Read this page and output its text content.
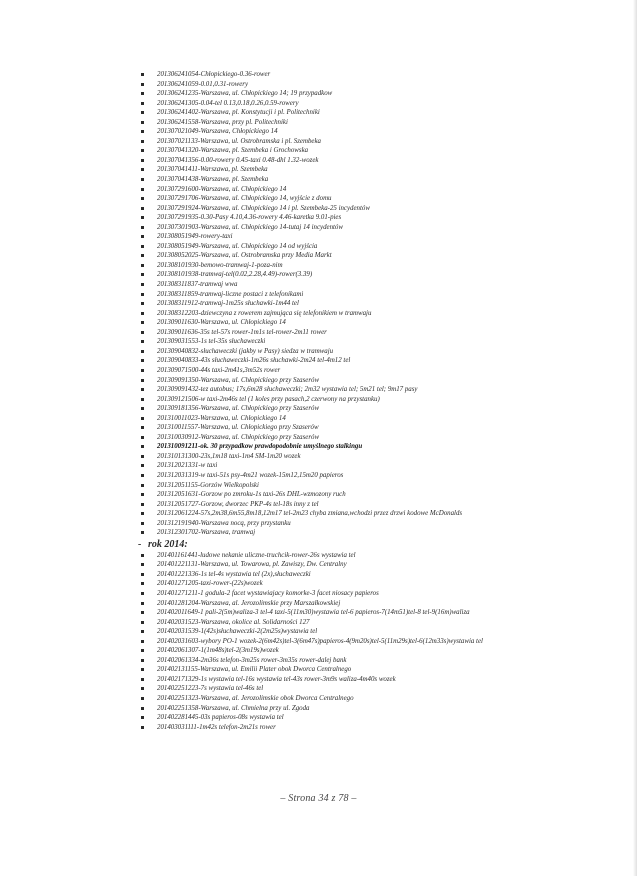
201306241054-Chłopickiego-0.36-rower
201306241059-0.01,0.31-rowery
201306241235-Warszawa, ul. Chłopickiego 14; 19 przypadkow
201306241305-0.04-tel 0.13,0.18,0.26,0.59-rowery
201306241402-Warszawa, pl. Konstytucji i pl. Politechniki
201306241558-Warszawa, przy pl. Politechniki
201307021049-Warszawa, Chłopickiego 14
201307021133-Warszawa, ul. Ostrobramska i pl. Szembeka
201307041320-Warszawa, pl. Szembeka i Grochowska
201307041356-0.00-rowery 0.45-taxi 0.48-dhl 1.32-wozek
201307041411-Warszawa, pl. Szembeka
201307041438-Warszawa, pl. Szembeka
201307291600-Warszawa, ul. Chłopickiego 14
201307291706-Warszawa, ul. Chłopickiego 14, wyjście z domu
201307291924-Warszawa, ul. Chłopickiego 14 i pl. Szembeka-25 incydentów
201307291935-0.30-Pasy 4.10,4.36-rowery 4.46-karetka 9.01-pies
201307301903-Warszawa, ul. Chłopickiego 14-tutaj 14 incydentów
201308051949-rowery-taxi
201308051949-Warszawa, ul. Chłopickiego 14 od wyjścia
201308052025-Warszawa, ul. Ostrobramska przy Media Markt
201308101930-bemowo-tramwaj-1-poza-nim
201308101938-tramwaj-tel(0.02,2.28,4.49)-rower(3.39)
201308311837-tramwaj wwa
201308311859-tramwaj-liczne postaci z telefonikami
201308311912-tramwaj-1m25s słuchawki-1m44 tel
201308312203-dziewczyna z rowerem zajmująca się telefonikiem w tramwaju
201309011630-Warszawa, ul. Chłopickiego 14
201309011636-35s tel-57s rower-1m1s tel-rower-2m11 rower
201309031553-1s tel-35s słuchaweczki
201309040832-słuchaweczki (jakby w Pasy) siedza w tramwaju
201309040833-43s słuchaweczki-1m26s słuchawki-2m24 tel-4m12 tel
201309071500-44s taxi-2m41s,3m52s rower
201309091350-Warszawa, ul. Chłopickiego przy Szaserów
201309091432-tez autobus; 17s,6m28 słuchaweczki; 2m32 wystawia tel; 5m21 tel; 9m17 pasy
201309121506-w taxi-2m46s tel (1 koles przy pasach,2 czerwony na przystanku)
201309181356-Warszawa, ul. Chłopickiego przy Szaserów
201310011023-Warszawa, ul. Chłopickiego 14
201310011557-Warszawa, ul. Chłopickiego przy Szaserów
201310030912-Warszawa, ul. Chłopickiego przy Szaserów
201310091211-ok. 30 przypadkow prawdopodobnie umyślnego stalkingu
201310131300-23s,1m18 taxi-1m4 SM-1m20 wozek
201312021331-w taxi
201312031319-w taxi-51s psy-4m21 wozek-15m12,15m20 papieros
201312051155-Gorzów Wielkopolski
201312051631-Gorzow po zmroku-1s taxi-26s DHL-wzmozony ruch
201312051727-Gorzow, dworzec PKP-4s tel-18s inny z tel
201312061224-57s,2m38,6m55,8m18,12m17 tel-2m23 chyba zmiana,wchodzi przez drzwi kodowe McDonalds
201312191940-Warszawa nocą, przy przystanku
201312301702-Warszawa, tramwaj
- rok 2014:
201401161441-ludowe nekanie uliczne-truchcik-rower-26s wystawia tel
201401221131-Warszawa, ul. Towarowa, pl. Zawiszy, Dw. Centralny
201401221336-1s tel-4s wystawia tel (2x),słuchaweczki
201401271205-taxi-rower-(22s)wozek
201401271211-1 godula-2 facet wystawiajacy komorke-3 facet niosacy papieros
201401281204-Warszawa, al. Jerozolimskie przy Marszałkowskiej
201402011649-1 pali-2(5m)waliza-3 tel-4 taxi-5(11m30)wystawia tel-6 papieros-7(14m51)tel-8 tel-9(16m)waliza
201402031523-Warszawa, okolice al. Solidarności 127
201402031539-1(42s)słuchaweczki-2(2m25s)wystawia tel
201402031603-wybory PO-1 wozek-2(6m42s)tel-3(6m47s)papieros-4(9m20s)tel-5(11m29s)tel-6(12m33s)wystawia tel
201402061307-1(1m48s)tel-2(3m19s)wozek
201402061334-2m36s telefon-3m25s rower-3m35s rower-dalej bank
201402131155-Warszawa, ul. Emilii Plater obok Dworca Centralnego
201402171329-1s wystawia tel-16s wystawia tel-43s rower-3m9s waliza-4m40s wozek
201402251223-7s wystawia tel-46s tel
201402251323-Warszawa, al. Jerozolimskie obok Dworca Centralnego
201402251358-Warszawa, ul. Chmielna przy ul. Zgoda
201402281445-03s papieros-08s wystawia tel
201403031111-1m42s telefon-2m21s rower
– Strona 34 z 78 –
